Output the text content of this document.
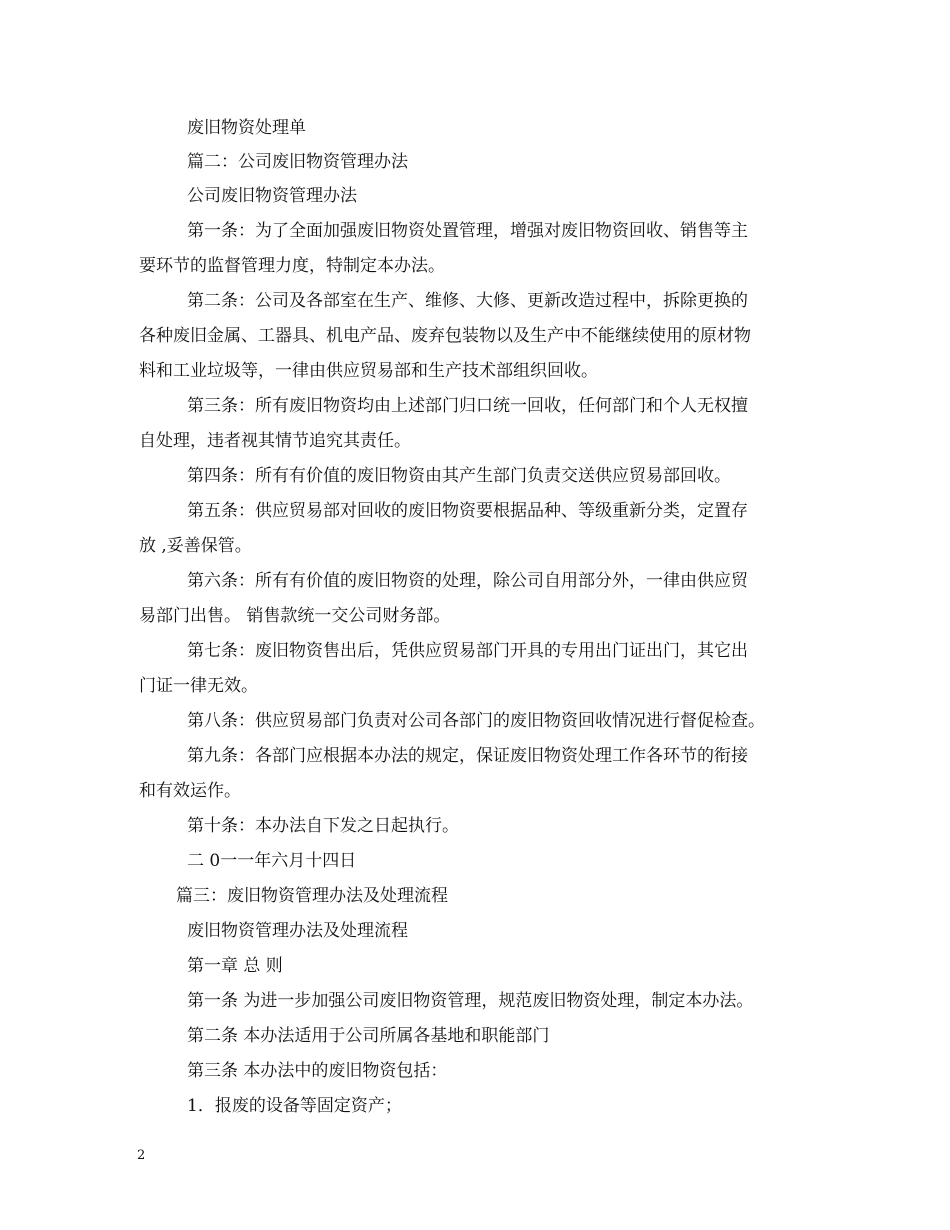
废旧物资处理单
篇二：公司废旧物资管理办法
公司废旧物资管理办法
第一条：为了全面加强废旧物资处置管理，增强对废旧物资回收、销售等主
要环节的监督管理力度，特制定本办法。
第二条：公司及各部室在生产、维修、大修、更新改造过程中，拆除更换的
各种废旧金属、工器具、机电产品、废弃包装物以及生产中不能继续使用的原材物
料和工业垃圾等，一律由供应贸易部和生产技术部组织回收。
第三条：所有废旧物资均由上述部门归口统一回收，任何部门和个人无权擅
自处理，违者视其情节追究其责任。
第四条：所有有价值的废旧物资由其产生部门负责交送供应贸易部回收。
第五条：供应贸易部对回收的废旧物资要根据品种、等级重新分类，定置存
放 ,妥善保管。
第六条：所有有价值的废旧物资的处理，除公司自用部分外，一律由供应贸
易部门出售。 销售款统一交公司财务部。
第七条：废旧物资售出后，凭供应贸易部门开具的专用出门证出门，其它出
门证一律无效。
第八条：供应贸易部门负责对公司各部门的废旧物资回收情况进行督促检查。
第九条：各部门应根据本办法的规定，保证废旧物资处理工作各环节的衔接
和有效运作。
第十条：本办法自下发之日起执行。
二 0一一年六月十四日
篇三：废旧物资管理办法及处理流程
废旧物资管理办法及处理流程
第一章 总 则
第一条 为进一步加强公司废旧物资管理，规范废旧物资处理，制定本办法。
第二条 本办法适用于公司所属各基地和职能部门
第三条 本办法中的废旧物资包括：
1．报废的设备等固定资产；
2
